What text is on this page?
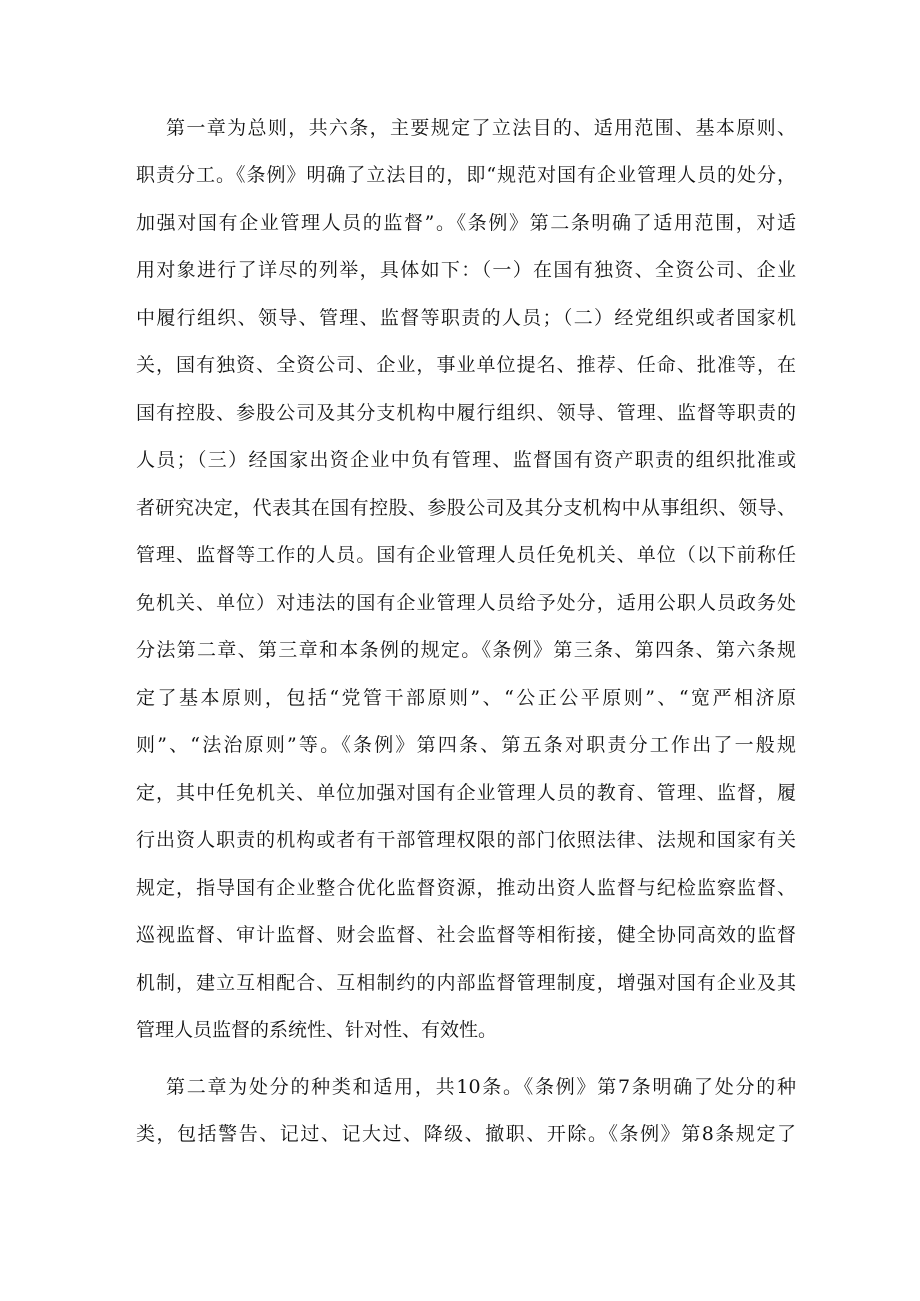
第一章为总则，共六条，主要规定了立法目的、适用范围、基本原则、
职责分工。《条例》明确了立法目的，即“规范对国有企业管理人员的处分，
加强对国有企业管理人员的监督”。《条例》第二条明确了适用范围，对适
用对象进行了详尽的列举，具体如下：（一）在国有独资、全资公司、企业
中履行组织、领导、管理、监督等职责的人员；（二）经党组织或者国家机
关，国有独资、全资公司、企业，事业单位提名、推荐、任命、批准等，在
国有控股、参股公司及其分支机构中履行组织、领导、管理、监督等职责的
人员；（三）经国家出资企业中负有管理、监督国有资产职责的组织批准或
者研究决定，代表其在国有控股、参股公司及其分支机构中从事组织、领导、
管理、监督等工作的人员。国有企业管理人员任免机关、单位（以下前称任
免机关、单位）对违法的国有企业管理人员给予处分，适用公职人员政务处
分法第二章、第三章和本条例的规定。《条例》第三条、第四条、第六条规
定了基本原则，包括“党管干部原则”、“公正公平原则”、“宽严相济原
则”、“法治原则”等。《条例》第四条、第五条对职责分工作出了一般规
定，其中任免机关、单位加强对国有企业管理人员的教育、管理、监督，履
行出资人职责的机构或者有干部管理权限的部门依照法律、法规和国家有关
规定，指导国有企业整合优化监督资源，推动出资人监督与纪检监察监督、
巡视监督、审计监督、财会监督、社会监督等相衔接，健全协同高效的监督
机制，建立互相配合、互相制约的内部监督管理制度，增强对国有企业及其
管理人员监督的系统性、针对性、有效性。
第二章为处分的种类和适用，共10条。《条例》第7条明确了处分的种
类，包括警告、记过、记大过、降级、撤职、开除。《条例》第8条规定了
